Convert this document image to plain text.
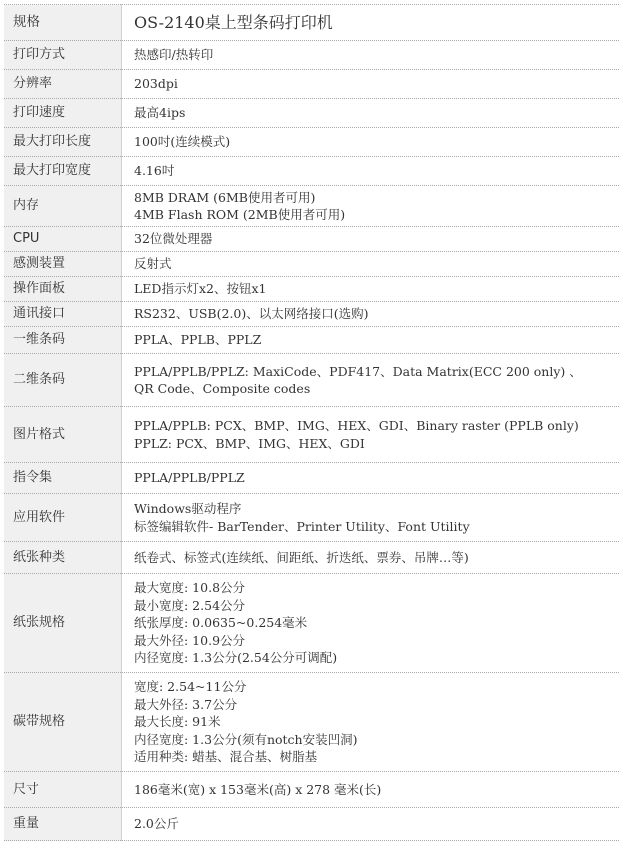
规格	OS-2140桌上型条码打印机

打印方式	热感印/热转印

分辨率	203dpi

打印速度	最高4ips

最大打印长度	100吋(连续模式)

最大打印宽度	4.16吋

内存	8MB DRAM (6MB使用者可用)
4MB Flash ROM (2MB使用者可用)

CPU	32位微处理器

感测装置	反射式

操作面板	LED指示灯x2、按钮x1

通讯接口	RS232、USB(2.0)、以太网络接口(选购)

一维条码	PPLA、PPLB、PPLZ

二维条码	PPLA/PPLB/PPLZ: MaxiCode、PDF417、Data Matrix(ECC 200 only) 、
QR Code、Composite codes

图片格式	PPLA/PPLB: PCX、BMP、IMG、HEX、GDI、Binary raster (PPLB only)
PPLZ: PCX、BMP、IMG、HEX、GDI

指令集	PPLA/PPLB/PPLZ

应用软件	Windows驱动程序
标签编辑软件- BarTender、Printer Utility、Font Utility

纸张种类	纸卷式、标签式(连续纸、间距纸、折迭纸、票券、吊牌…等)

纸张规格	最大宽度: 10.8公分
最小宽度: 2.54公分
纸张厚度: 0.0635~0.254毫米
最大外径: 10.9公分
内径宽度: 1.3公分(2.54公分可调配)

碳带规格	宽度: 2.54~11公分
最大外径: 3.7公分
最大长度: 91米
内径宽度: 1.3公分(须有notch安装凹洞)
适用种类: 蜡基、混合基、树脂基

尺寸	186毫米(宽) x 153毫米(高) x 278 毫米(长)

重量	2.0公斤
